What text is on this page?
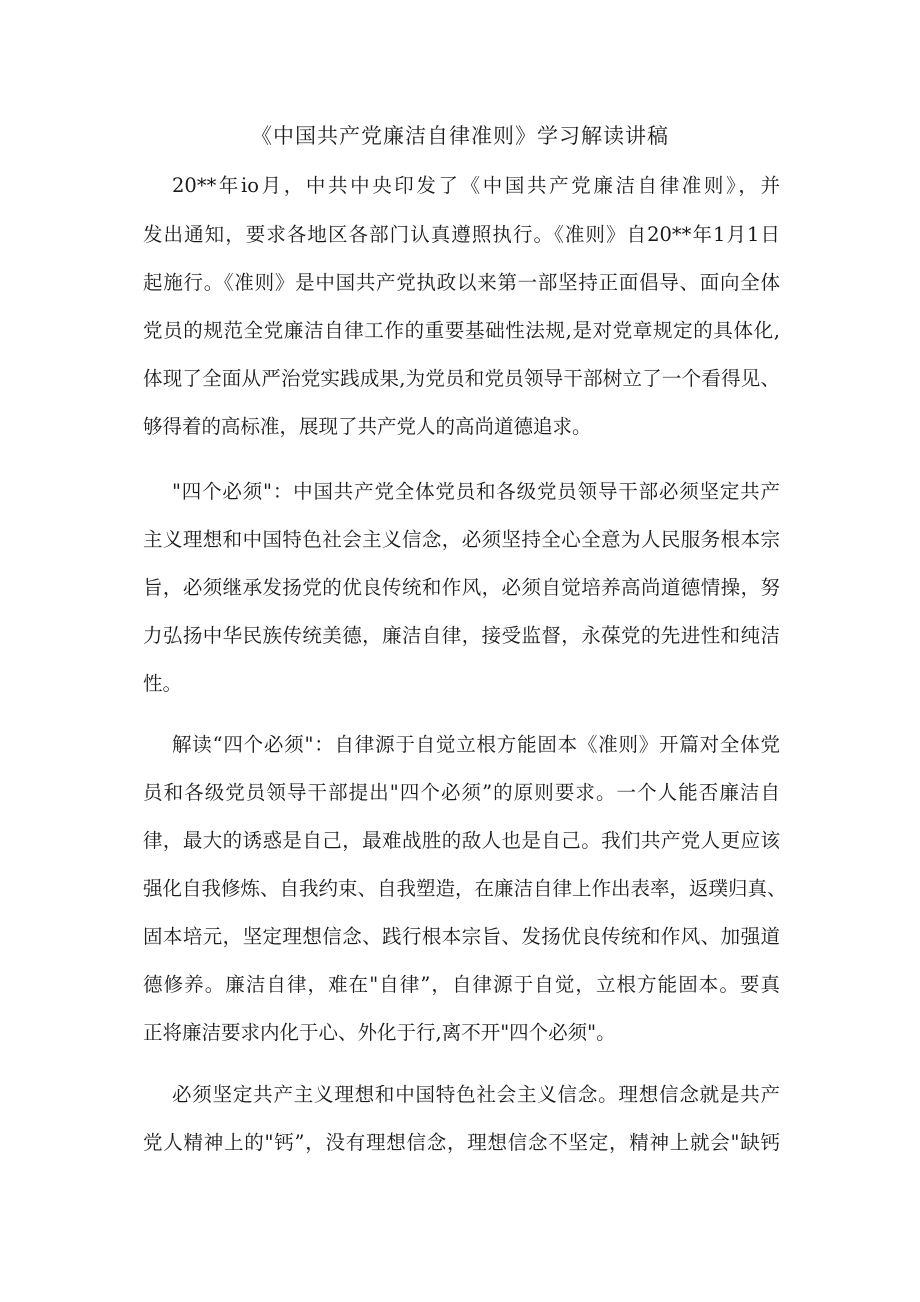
《中国共产党廉洁自律准则》学习解读讲稿
20**年io月，中共中央印发了《中国共产党廉洁自律准则》，并
发出通知，要求各地区各部门认真遵照执行。《准则》自20**年1月1日
起施行。《准则》是中国共产党执政以来第一部坚持正面倡导、面向全体
党员的规范全党廉洁自律工作的重要基础性法规,是对党章规定的具体化,
体现了全面从严治党实践成果,为党员和党员领导干部树立了一个看得见、
够得着的高标准，展现了共产党人的高尚道德追求。
"四个必须"：中国共产党全体党员和各级党员领导干部必须坚定共产
主义理想和中国特色社会主义信念，必须坚持全心全意为人民服务根本宗
旨，必须继承发扬党的优良传统和作风，必须自觉培养高尚道德情操，努
力弘扬中华民族传统美德，廉洁自律，接受监督，永葆党的先进性和纯洁
性。
解读“四个必须"：自律源于自觉立根方能固本《准则》开篇对全体党
员和各级党员领导干部提出"四个必须”的原则要求。一个人能否廉洁自
律，最大的诱惑是自己，最难战胜的敌人也是自己。我们共产党人更应该
强化自我修炼、自我约束、自我塑造，在廉洁自律上作出表率，返璞归真、
固本培元，坚定理想信念、践行根本宗旨、发扬优良传统和作风、加强道
德修养。廉洁自律，难在"自律”，自律源于自觉，立根方能固本。要真
正将廉洁要求内化于心、外化于行,离不开"四个必须"。
必须坚定共产主义理想和中国特色社会主义信念。理想信念就是共产
党人精神上的"钙”，没有理想信念，理想信念不坚定，精神上就会"缺钙
